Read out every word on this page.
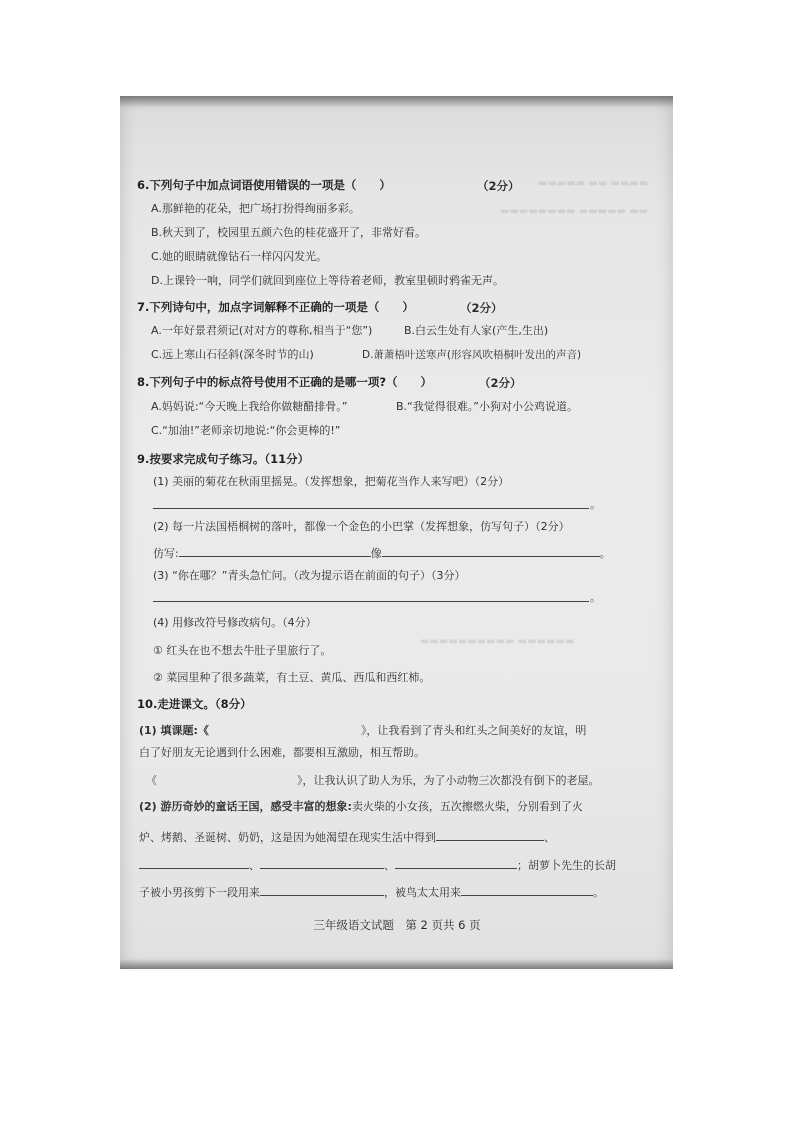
▬▬▬▬▬ ▬▬ ▬▬▬▬
▬▬▬▬▬▬▬▬ ▬▬▬▬▬ ▬▬
▬▬▬▬▬▬▬▬▬▬ ▬▬▬▬▬▬
6.下列句子中加点词语使用错误的一项是（　　）	（2分）
A.那鲜艳的花朵，把广场打扮得绚丽多彩。
B.秋天到了，校园里五颜六色的桂花盛开了，非常好看。
C.她的眼睛就像钻石一样闪闪发光。
D.上课铃一响，同学们就回到座位上等待着老师，教室里顿时鸦雀无声。
7.下列诗句中，加点字词解释不正确的一项是（　　）	（2分）
A.一年好景君须记(对对方的尊称,相当于“您”)	B.白云生处有人家(产生,生出)
C.远上寒山石径斜(深冬时节的山)	D.萧萧梧叶送寒声(形容风吹梧桐叶发出的声音)
8.下列句子中的标点符号使用不正确的是哪一项?（　　）	（2分）
A.妈妈说:“今天晚上我给你做糖醋排骨。”	B.“我觉得很难。”小狗对小公鸡说道。
C.“加油!”老师亲切地说:“你会更棒的!”
9.按要求完成句子练习。（11分）
(1) 美丽的菊花在秋雨里摇晃。（发挥想象，把菊花当作人来写吧）（2分）
。
(2) 每一片法国梧桐树的落叶，都像一个金色的小巴掌（发挥想象，仿写句子）（2分）
仿写:	像	。
(3) “你在哪？”青头急忙问。（改为提示语在前面的句子）（3分）
。
(4) 用修改符号修改病句。（4分）
① 红头在也不想去牛肚子里旅行了。
② 菜园里种了很多蔬菜，有土豆、黄瓜、西瓜和西红柿。
10.走进课文。（8分）
(1) 填课题:《	》，让我看到了青头和红头之间美好的友谊，明
白了好朋友无论遇到什么困难，都要相互激励，相互帮助。
《	》，让我认识了助人为乐，为了小动物三次都没有倒下的老屋。
(2) 游历奇妙的童话王国，感受丰富的想象:卖火柴的小女孩，五次擦燃火柴，分别看到了火
炉、烤鹅、圣诞树、奶奶，这是因为她渴望在现实生活中得到	、
、	、	；胡萝卜先生的长胡
子被小男孩剪下一段用来	，被鸟太太用来	。
三年级语文试题　第 2 页共 6 页
